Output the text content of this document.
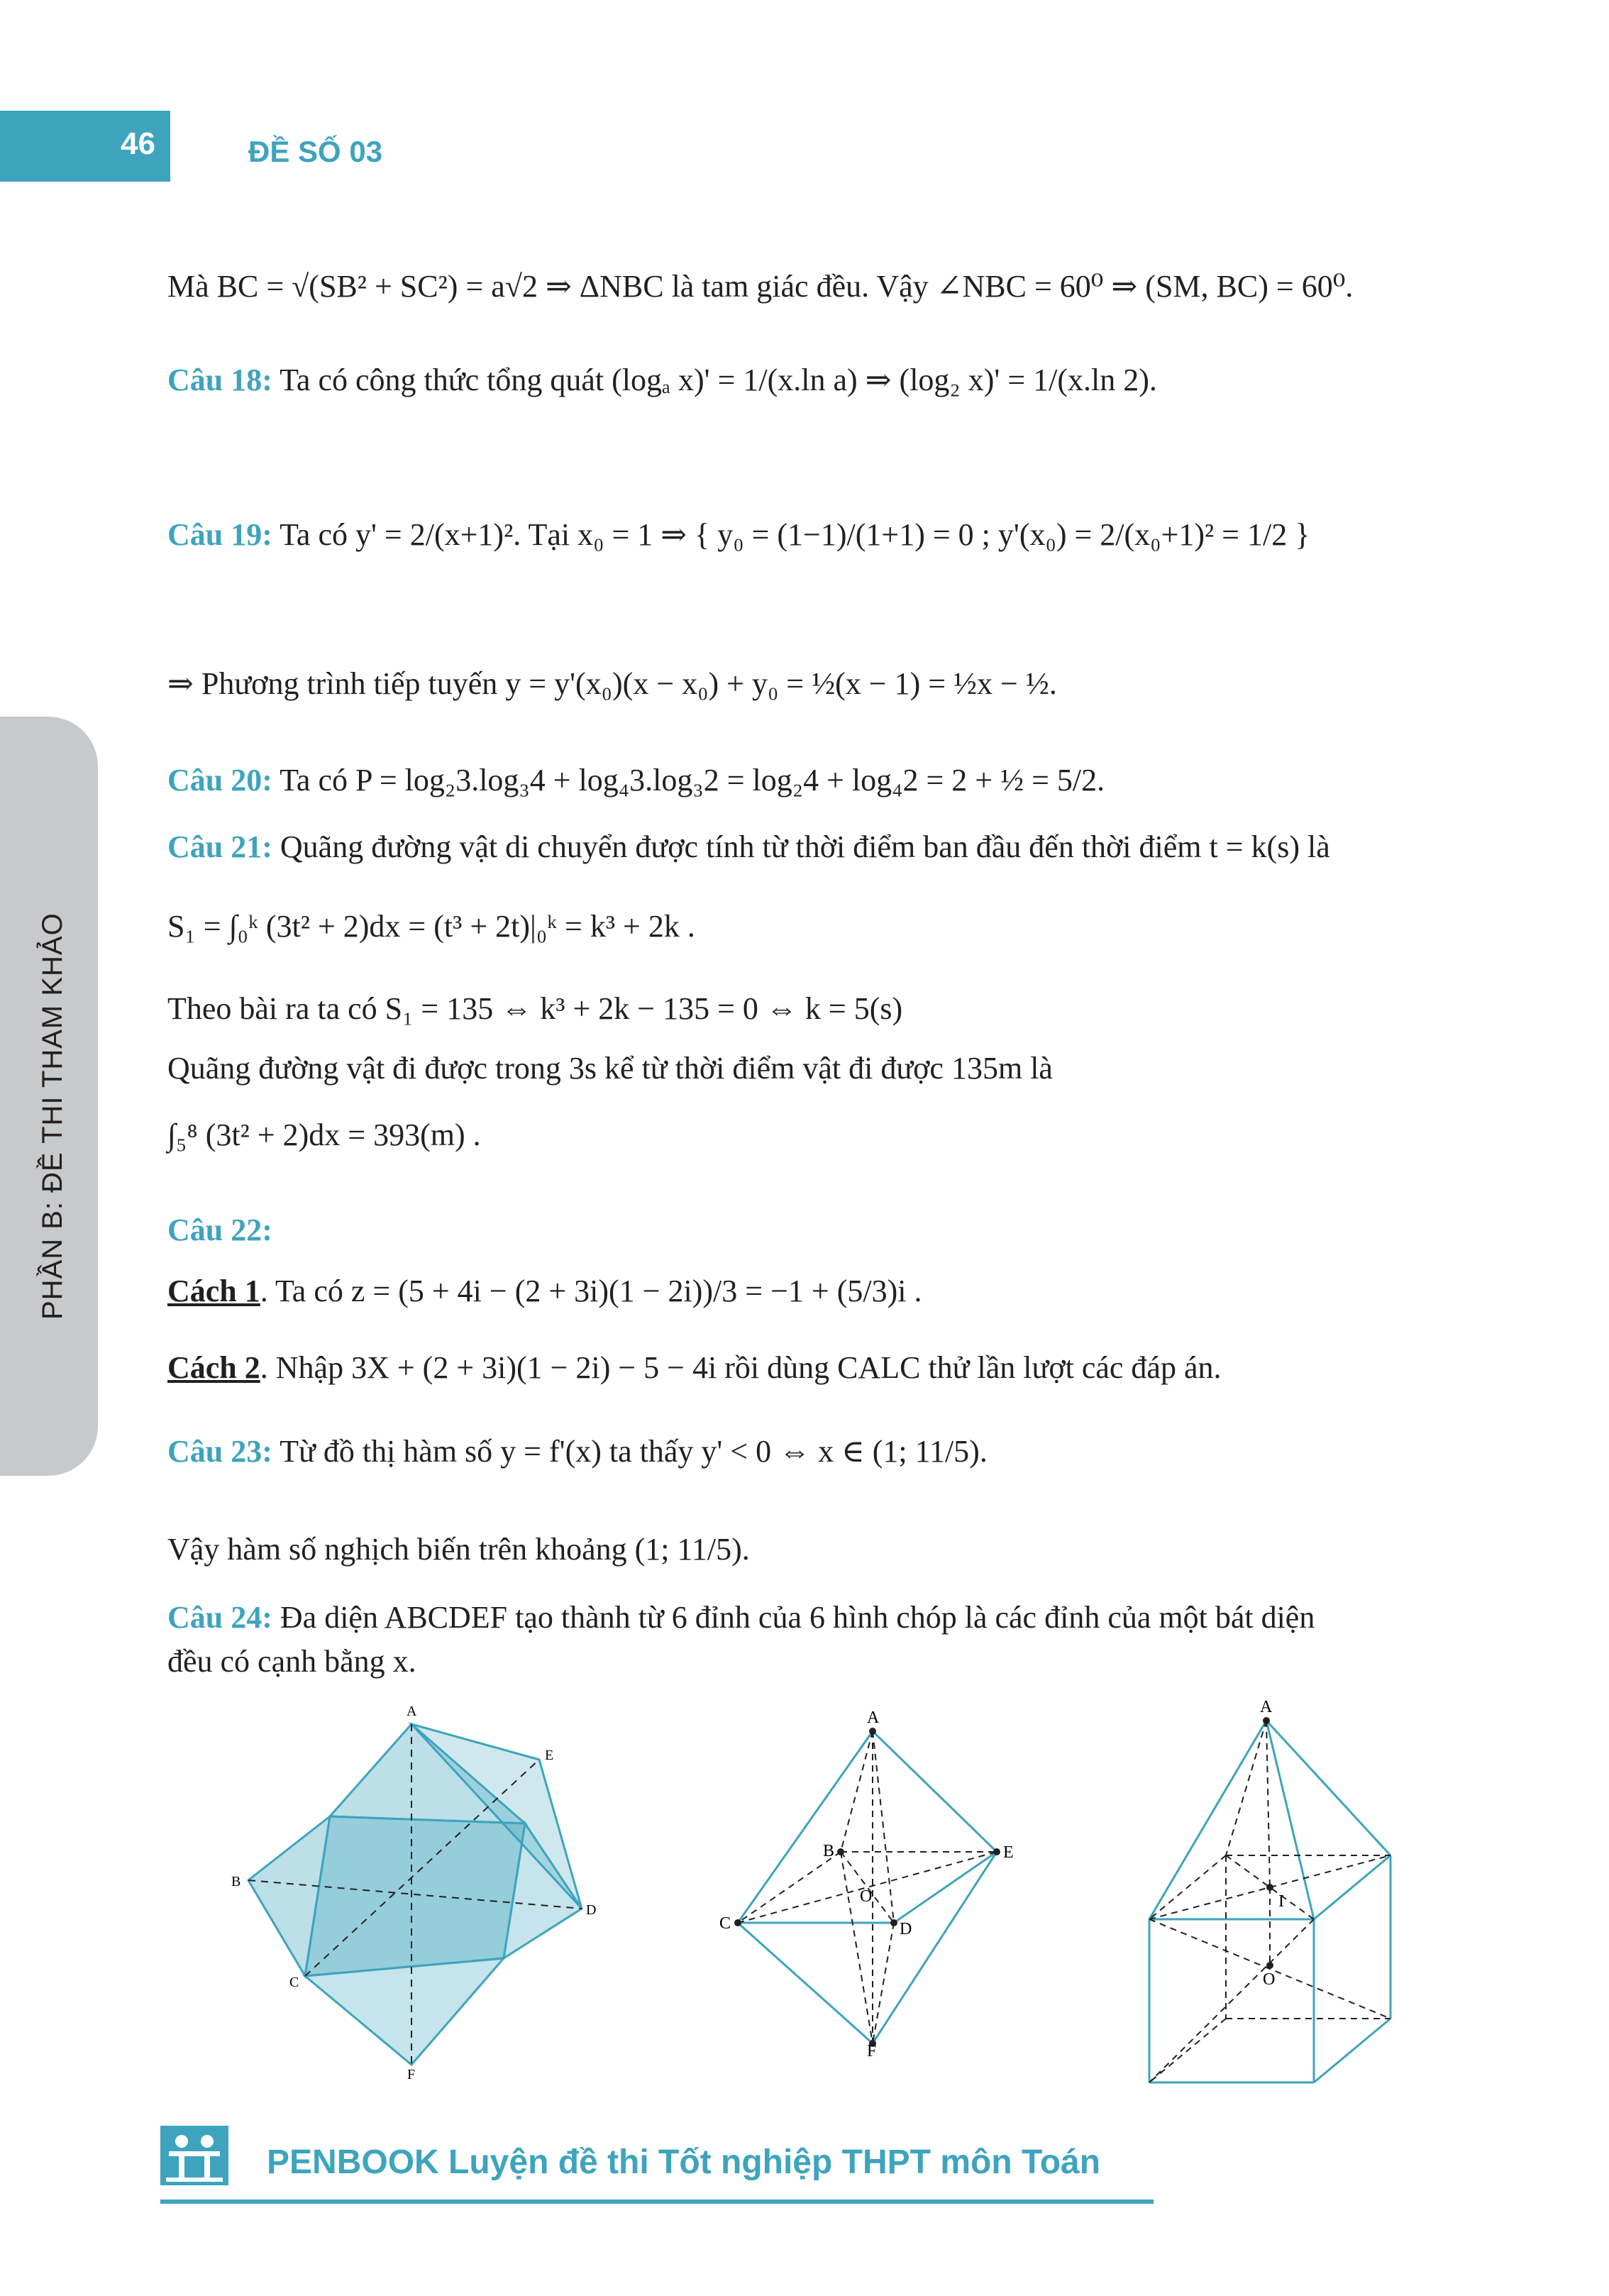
46	ĐỀ SỐ 03
PHẦN B: ĐỀ THI THAM KHẢO
Mà BC = √(SB² + SC²) = a√2 ⇒ ΔNBC là tam giác đều. Vậy ∠NBC = 60⁰ ⇒ (SM, BC) = 60⁰.
Câu 18: Ta có công thức tổng quát (logₐ x)' = 1/(x.ln a) ⇒ (log₂ x)' = 1/(x.ln 2).
Câu 19: Ta có y' = 2/(x+1)². Tại x₀ = 1 ⇒ { y₀ = (1−1)/(1+1) = 0 ; y'(x₀) = 2/(x₀+1)² = 1/2 }
⇒ Phương trình tiếp tuyến y = y'(x₀)(x − x₀) + y₀ = ½(x − 1) = ½x − ½.
Câu 20: Ta có P = log₂3.log₃4 + log₄3.log₃2 = log₂4 + log₄2 = 2 + ½ = 5/2.
Câu 21: Quãng đường vật di chuyển được tính từ thời điểm ban đầu đến thời điểm t = k(s) là
S₁ = ∫₀ᵏ (3t² + 2)dx = (t³ + 2t)|₀ᵏ = k³ + 2k .
Theo bài ra ta có S₁ = 135 ⇔ k³ + 2k − 135 = 0 ⇔ k = 5(s)
Quãng đường vật đi được trong 3s kể từ thời điểm vật đi được 135m là
∫₅⁸ (3t² + 2)dx = 393(m) .
Câu 22:
Cách 1. Ta có z = (5 + 4i − (2 + 3i)(1 − 2i))/3 = −1 + (5/3)i .
Cách 2. Nhập 3X + (2 + 3i)(1 − 2i) − 5 − 4i rồi dùng CALC thử lần lượt các đáp án.
Câu 23: Từ đồ thị hàm số y = f'(x) ta thấy y' < 0 ⇔ x ∈ (1; 11/5).
Vậy hàm số nghịch biến trên khoảng (1; 11/5).
Câu 24: Đa diện ABCDEF tạo thành từ 6 đỉnh của 6 hình chóp là các đỉnh của một bát diện
đều có cạnh bằng x.
A
E
B
D
C
F
A
B	E
O
C	D
F
A
I
O
PENBOOK Luyện đề thi Tốt nghiệp THPT môn Toán
